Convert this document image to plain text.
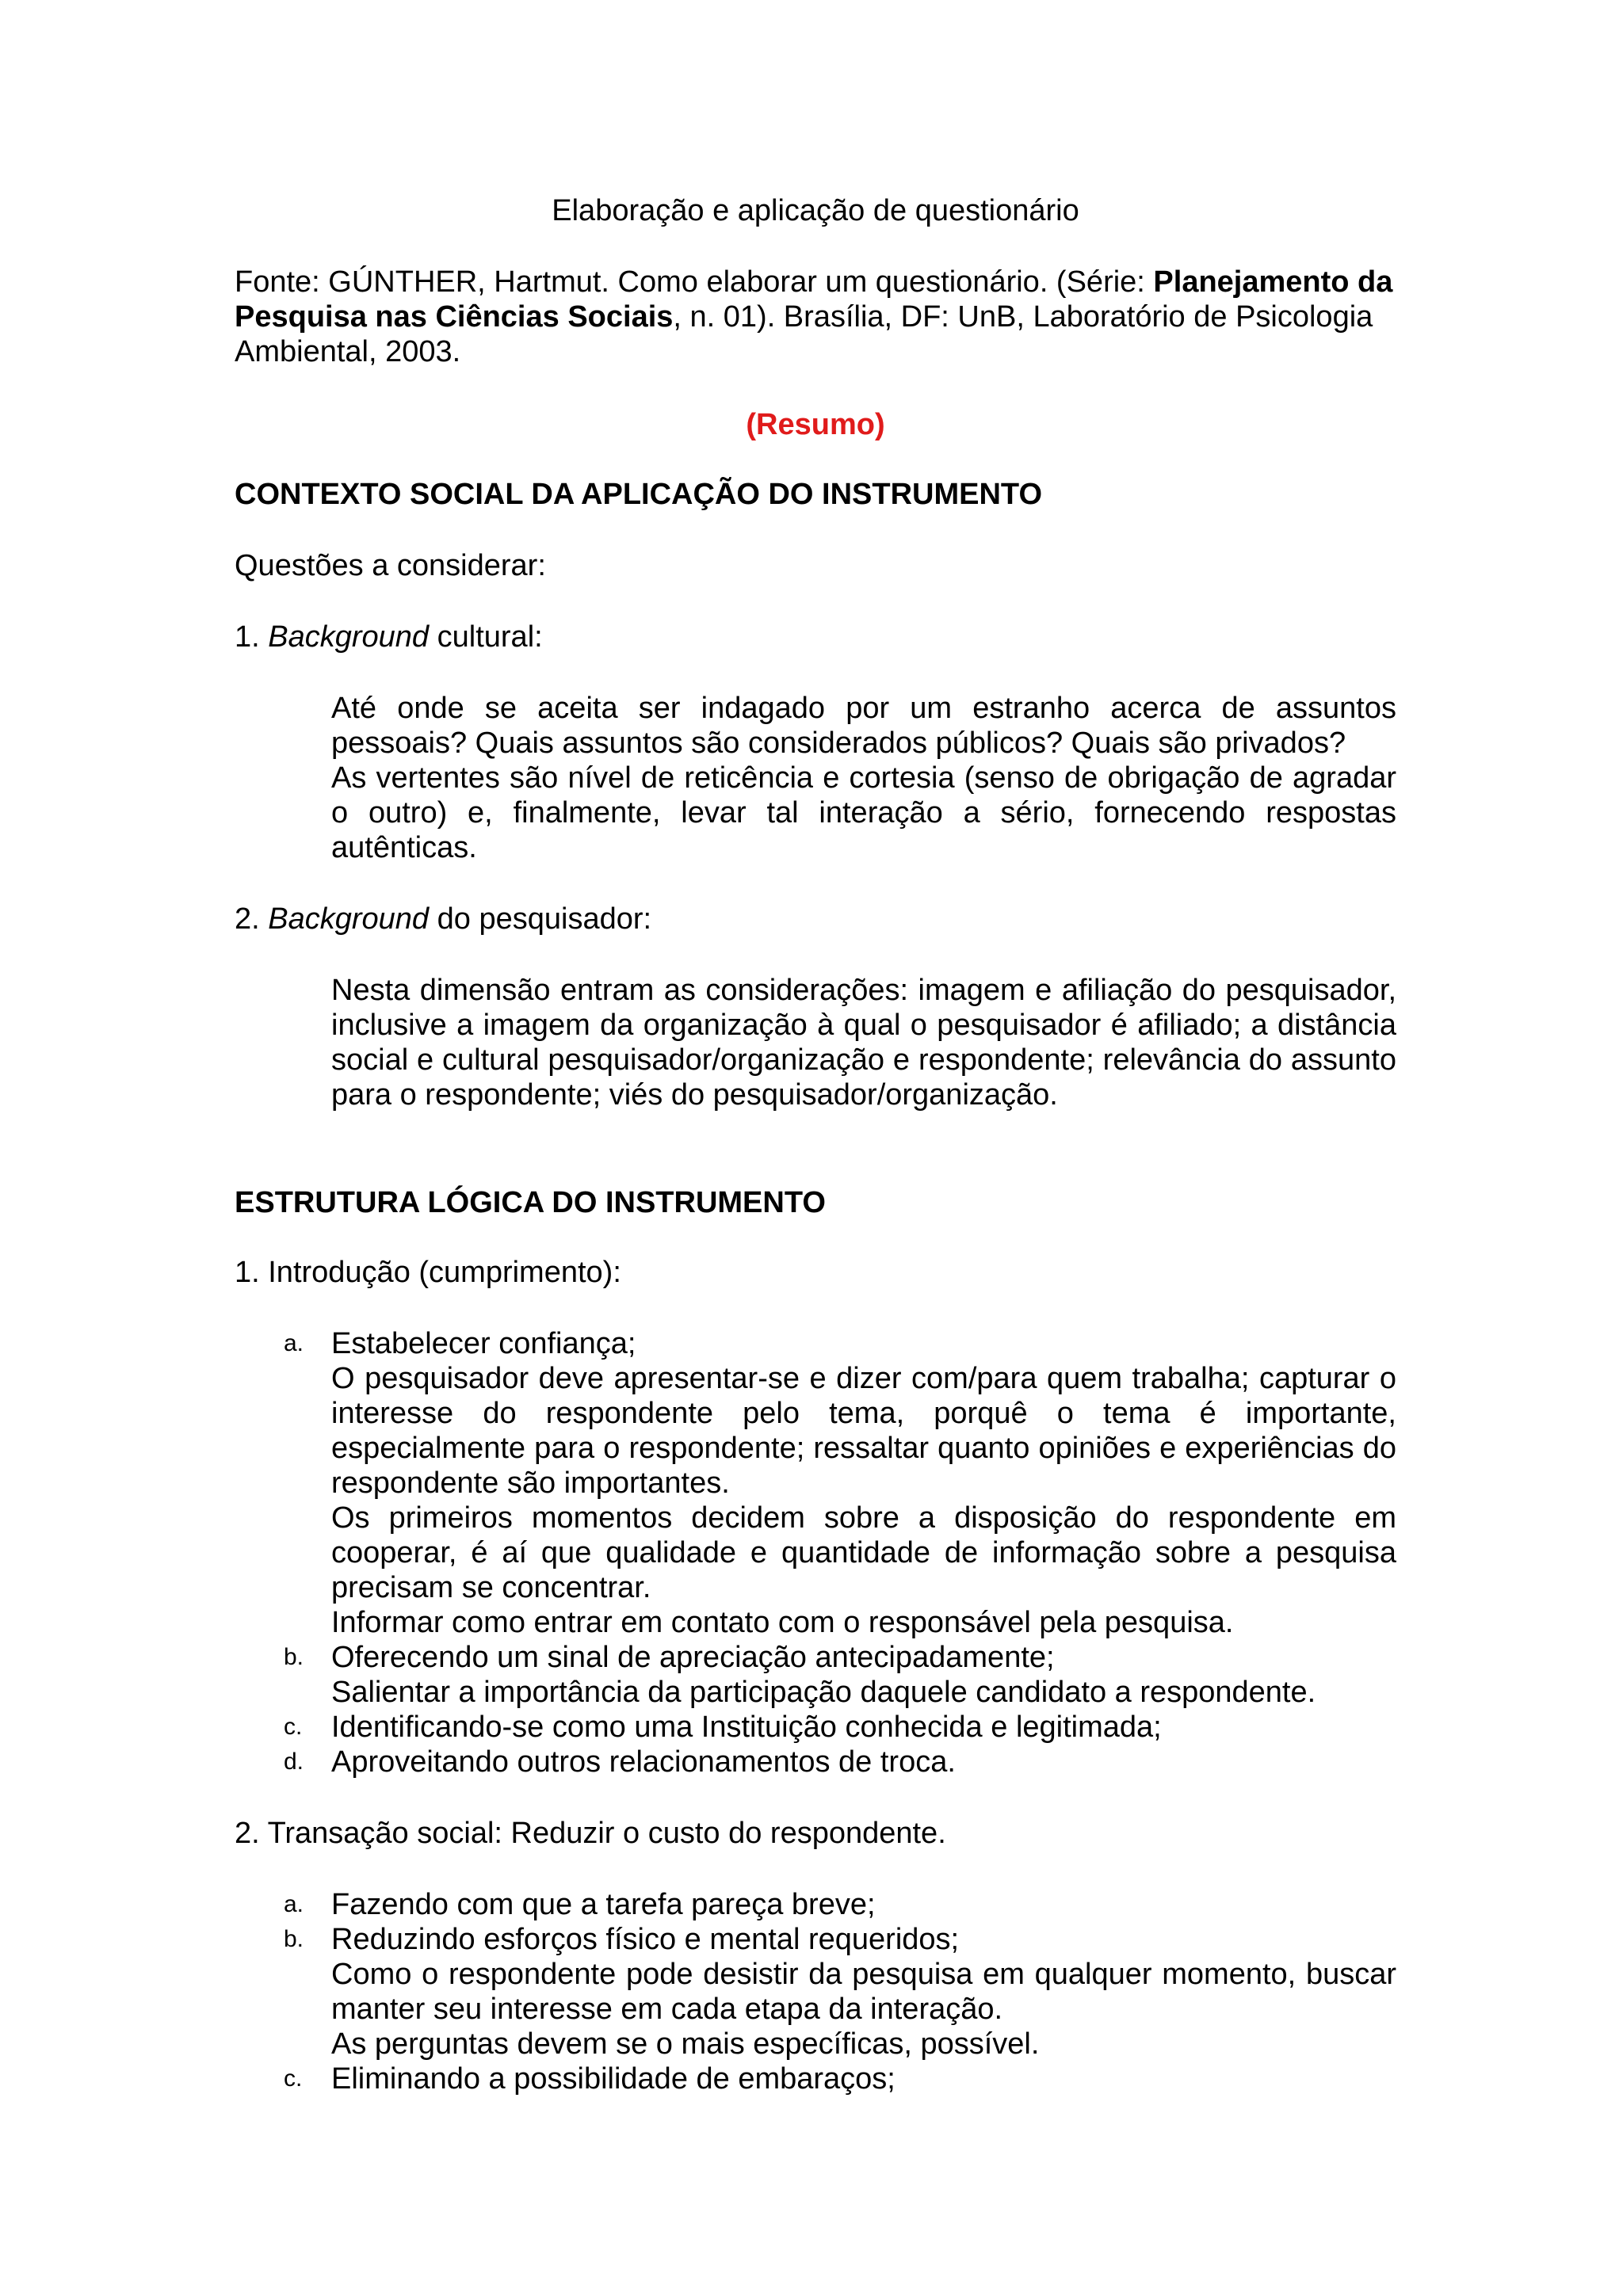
Elaboração e aplicação de questionário

Fonte: GÚNTHER, Hartmut. Como elaborar um questionário. (Série: Planejamento da Pesquisa nas Ciências Sociais, n. 01). Brasília, DF: UnB, Laboratório de Psicologia Ambiental, 2003.

(Resumo)

CONTEXTO SOCIAL DA APLICAÇÃO DO INSTRUMENTO

Questões a considerar:

1. Background cultural:

Até onde se aceita ser indagado por um estranho acerca de assuntos pessoais? Quais assuntos são considerados públicos? Quais são privados?

As vertentes são nível de reticência e cortesia (senso de obrigação de agradar o outro) e, finalmente, levar tal interação a sério, fornecendo respostas autênticas.

2. Background do pesquisador:

Nesta dimensão entram as considerações: imagem e afiliação do pesquisador, inclusive a imagem da organização à qual o pesquisador é afiliado; a distância social e cultural pesquisador/organização e respondente; relevância do assunto para o respondente; viés do pesquisador/organização.

ESTRUTURA LÓGICA DO INSTRUMENTO

1. Introdução (cumprimento):

a. Estabelecer confiança;

O pesquisador deve apresentar-se e dizer com/para quem trabalha; capturar o interesse do respondente pelo tema, porquê o tema é importante, especialmente para o respondente; ressaltar quanto opiniões e experiências do respondente são importantes.

Os primeiros momentos decidem sobre a disposição do respondente em cooperar, é aí que qualidade e quantidade de informação sobre a pesquisa precisam se concentrar.

Informar como entrar em contato com o responsável pela pesquisa.

b. Oferecendo um sinal de apreciação antecipadamente;

Salientar a importância da participação daquele candidato a respondente.

c. Identificando-se como uma Instituição conhecida e legitimada;

d. Aproveitando outros relacionamentos de troca.

2. Transação social: Reduzir o custo do respondente.

a. Fazendo com que a tarefa pareça breve;

b. Reduzindo esforços físico e mental requeridos;

Como o respondente pode desistir da pesquisa em qualquer momento, buscar manter seu interesse em cada etapa da interação.

As perguntas devem se o mais específicas, possível.

c. Eliminando a possibilidade de embaraços;
